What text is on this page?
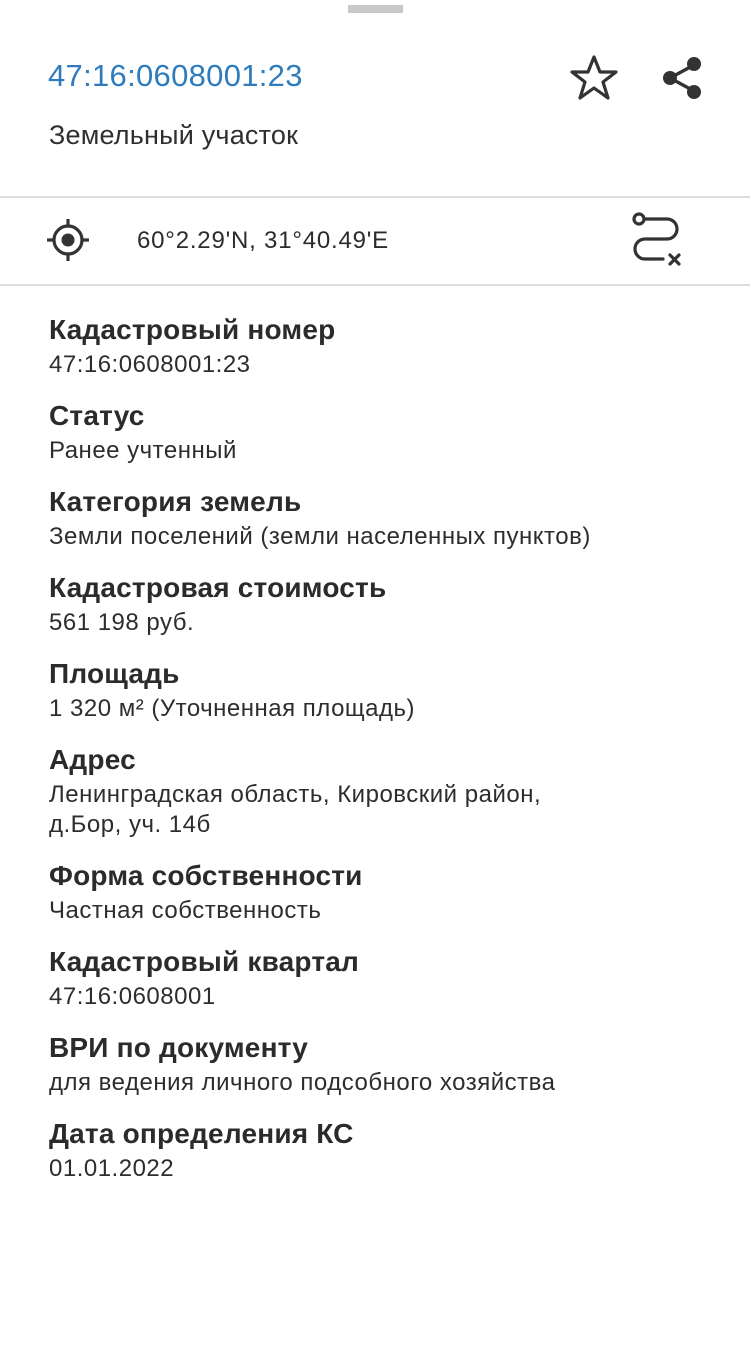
47:16:0608001:23
Земельный участок
60°2.29'N, 31°40.49'E
Кадастровый номер
47:16:0608001:23
Статус
Ранее учтенный
Категория земель
Земли поселений (земли населенных пунктов)
Кадастровая стоимость
561 198 руб.
Площадь
1 320 м² (Уточненная площадь)
Адрес
Ленинградская область, Кировский район,
д.Бор, уч. 14б
Форма собственности
Частная собственность
Кадастровый квартал
47:16:0608001
ВРИ по документу
для ведения личного подсобного хозяйства
Дата определения КС
01.01.2022
